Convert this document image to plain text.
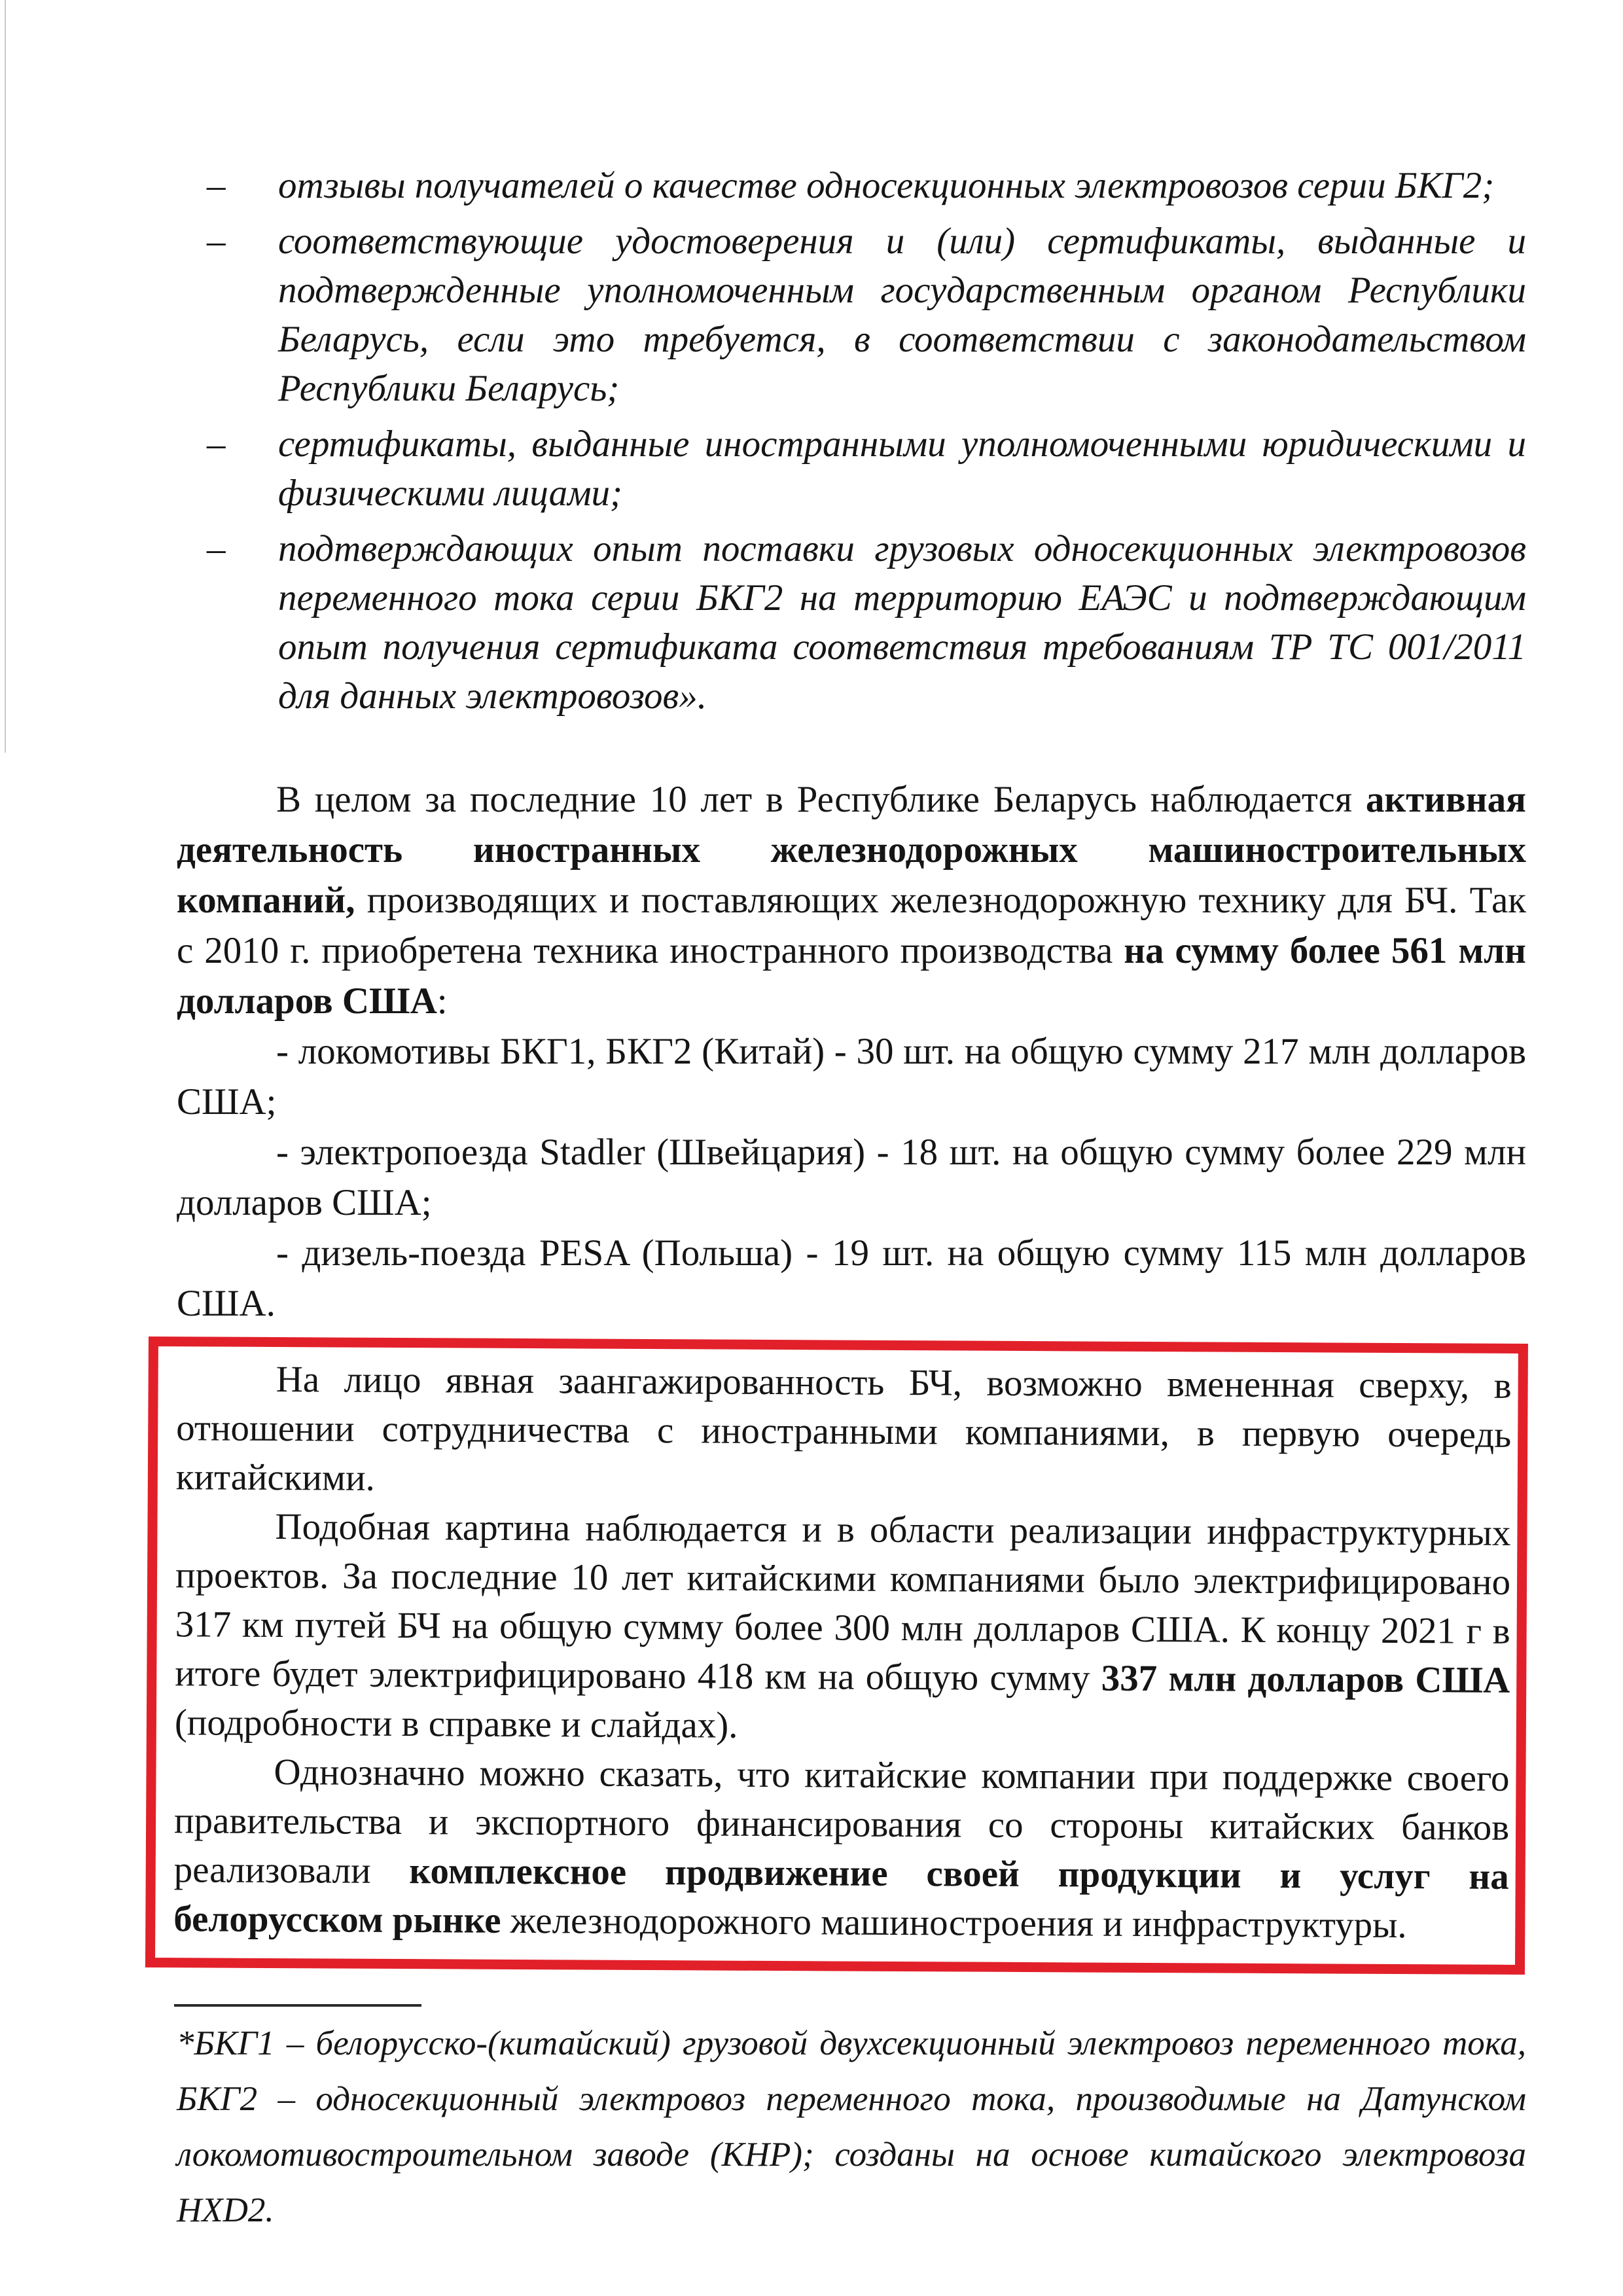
– отзывы получателей о качестве односекционных электровозов серии БКГ2;
– соответствующие удостоверения и (или) сертификаты, выданные и подтвержденные уполномоченным государственным органом Республики Беларусь, если это требуется, в соответствии с законодательством Республики Беларусь;
– сертификаты, выданные иностранными уполномоченными юридическими и физическими лицами;
– подтверждающих опыт поставки грузовых односекционных электровозов переменного тока серии БКГ2 на территорию ЕАЭС и подтверждающим опыт получения сертификата соответствия требованиям ТР ТС 001/2011 для данных электровозов».
В целом за последние 10 лет в Республике Беларусь наблюдается активная деятельность иностранных железнодорожных машиностроительных компаний, производящих и поставляющих железнодорожную технику для БЧ. Так с 2010 г. приобретена техника иностранного производства на сумму более 561 млн долларов США:
- локомотивы БКГ1, БКГ2 (Китай) - 30 шт. на общую сумму 217 млн долларов США;
- электропоезда Stadler (Швейцария) - 18 шт. на общую сумму более 229 млн долларов США;
- дизель-поезда PESA (Польша) - 19 шт. на общую сумму 115 млн долларов США.
На лицо явная заангажированность БЧ, возможно вмененная сверху, в отношении сотрудничества с иностранными компаниями, в первую очередь китайскими.
Подобная картина наблюдается и в области реализации инфраструктурных проектов. За последние 10 лет китайскими компаниями было электрифицировано 317 км путей БЧ на общую сумму более 300 млн долларов США. К концу 2021 г в итоге будет электрифицировано 418 км на общую сумму 337 млн долларов США (подробности в справке и слайдах).
Однозначно можно сказать, что китайские компании при поддержке своего правительства и экспортного финансирования со стороны китайских банков реализовали комплексное продвижение своей продукции и услуг на белорусском рынке железнодорожного машиностроения и инфраструктуры.
*БКГ1 – белорусско-(китайский) грузовой двухсекционный электровоз переменного тока, БКГ2 – односекционный электровоз переменного тока, производимые на Датунском локомотивостроительном заводе (КНР); созданы на основе китайского электровоза HXD2.
